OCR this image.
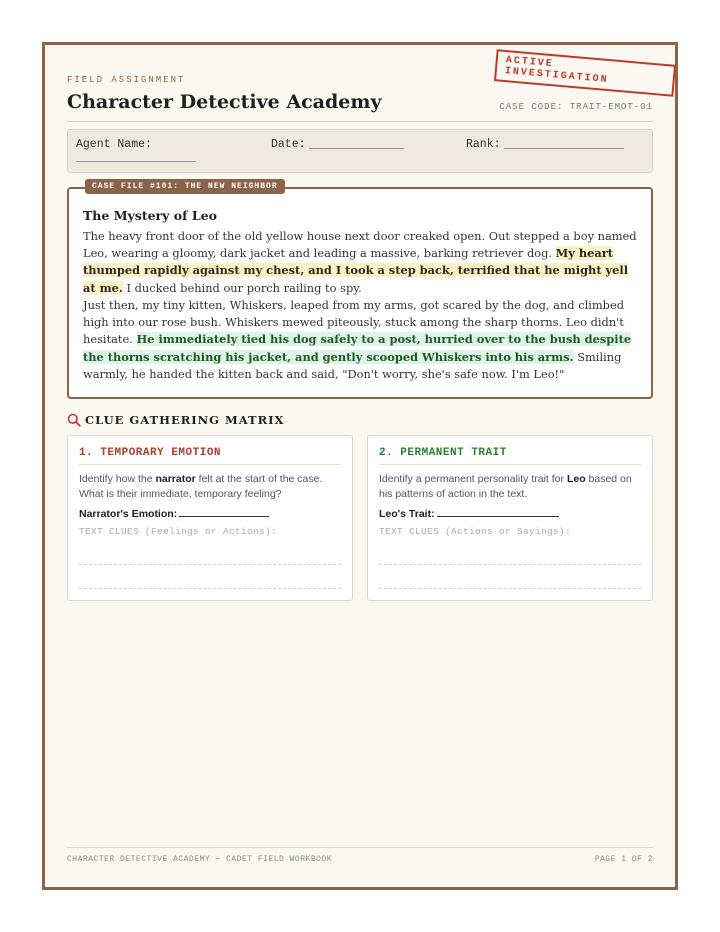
FIELD ASSIGNMENT
Character Detective Academy	CASE CODE: TRAIT-EMOT-01
ACTIVE INVESTIGATION
Agent Name:	Date:	Rank:
CASE FILE #101: THE NEW NEIGHBOR
The Mystery of Leo

The heavy front door of the old yellow house next door creaked open. Out stepped a boy named Leo, wearing a gloomy, dark jacket and leading a massive, barking retriever dog. My heart thumped rapidly against my chest, and I took a step back, terrified that he might yell at me. I ducked behind our porch railing to spy.

Just then, my tiny kitten, Whiskers, leaped from my arms, got scared by the dog, and climbed high into our rose bush. Whiskers mewed piteously, stuck among the sharp thorns. Leo didn't hesitate. He immediately tied his dog safely to a post, hurried over to the bush despite the thorns scratching his jacket, and gently scooped Whiskers into his arms. Smiling warmly, he handed the kitten back and said, "Don't worry, she's safe now. I'm Leo!"

CLUE GATHERING MATRIX
1. TEMPORARY EMOTION

Identify how the narrator felt at the start of the case. What is their immediate, temporary feeling?

Narrator's Emotion:
TEXT CLUES (Feelings or Actions):
2. PERMANENT TRAIT

Identify a permanent personality trait for Leo based on his patterns of action in the text.

Leo's Trait:
TEXT CLUES (Actions or Sayings):
CHARACTER DETECTIVE ACADEMY — CADET FIELD WORKBOOK	PAGE 1 OF 2
